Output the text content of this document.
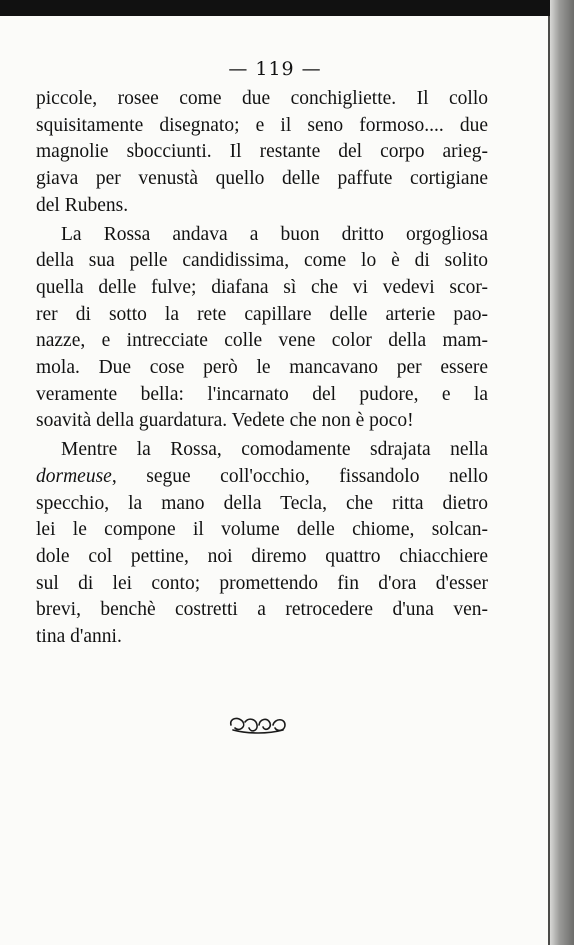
— 119 —
piccole, rosee come due conchigliette. Il collo
squisitamente disegnato; e il seno formoso.... due
magnolie sbocciunti. Il restante del corpo arieg-
giava per venustà quello delle paffute cortigiane
del Rubens.
La Rossa andava a buon dritto orgogliosa
della sua pelle candidissima, come lo è di solito
quella delle fulve; diafana sì che vi vedevi scor-
rer di sotto la rete capillare delle arterie pao-
nazze, e intrecciate colle vene color della mam-
mola. Due cose però le mancavano per essere
veramente bella: l'incarnato del pudore, e la
soavità della guardatura. Vedete che non è poco!
Mentre la Rossa, comodamente sdrajata nella
dormeuse, segue coll'occhio, fissandolo nello
specchio, la mano della Tecla, che ritta dietro
lei le compone il volume delle chiome, solcan-
dole col pettine, noi diremo quattro chiacchiere
sul di lei conto; promettendo fin d'ora d'esser
brevi, benchè costretti a retrocedere d'una ven-
tina d'anni.
